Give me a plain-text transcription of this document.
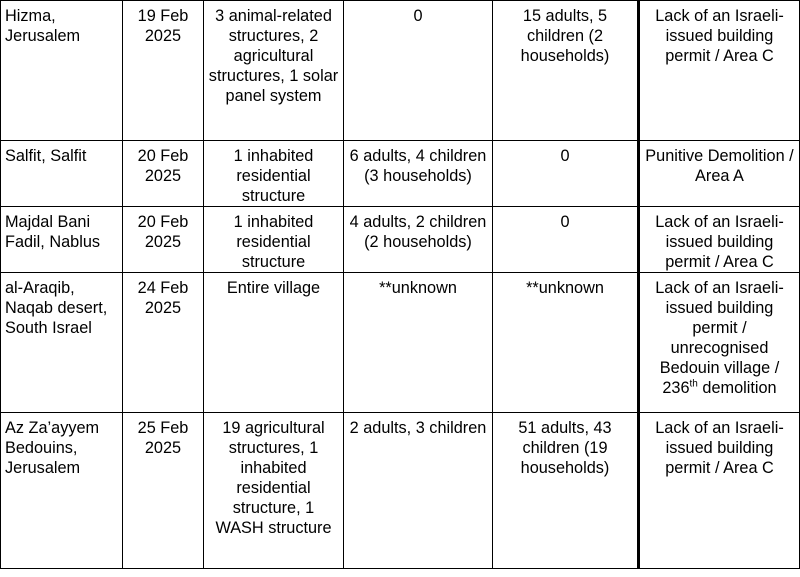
Hizma, Jerusalem	19 Feb 2025	3 animal-related structures, 2 agricultural structures, 1 solar panel system	0	15 adults, 5 children (2 households)	Lack of an Israeli-issued building permit / Area C
Salfit, Salfit	20 Feb 2025	1 inhabited residential structure	6 adults, 4 children (3 households)	0	Punitive Demolition / Area A
Majdal Bani Fadil, Nablus	20 Feb 2025	1 inhabited residential structure	4 adults, 2 children (2 households)	0	Lack of an Israeli-issued building permit / Area C
al-Araqib, Naqab desert, South Israel	24 Feb 2025	Entire village	**unknown	**unknown	Lack of an Israeli-issued building permit / unrecognised Bedouin village / 236th demolition
Az Za’ayyem Bedouins, Jerusalem	25 Feb 2025	19 agricultural structures, 1 inhabited residential structure, 1 WASH structure	2 adults, 3 children	51 adults, 43 children (19 households)	Lack of an Israeli-issued building permit / Area C
